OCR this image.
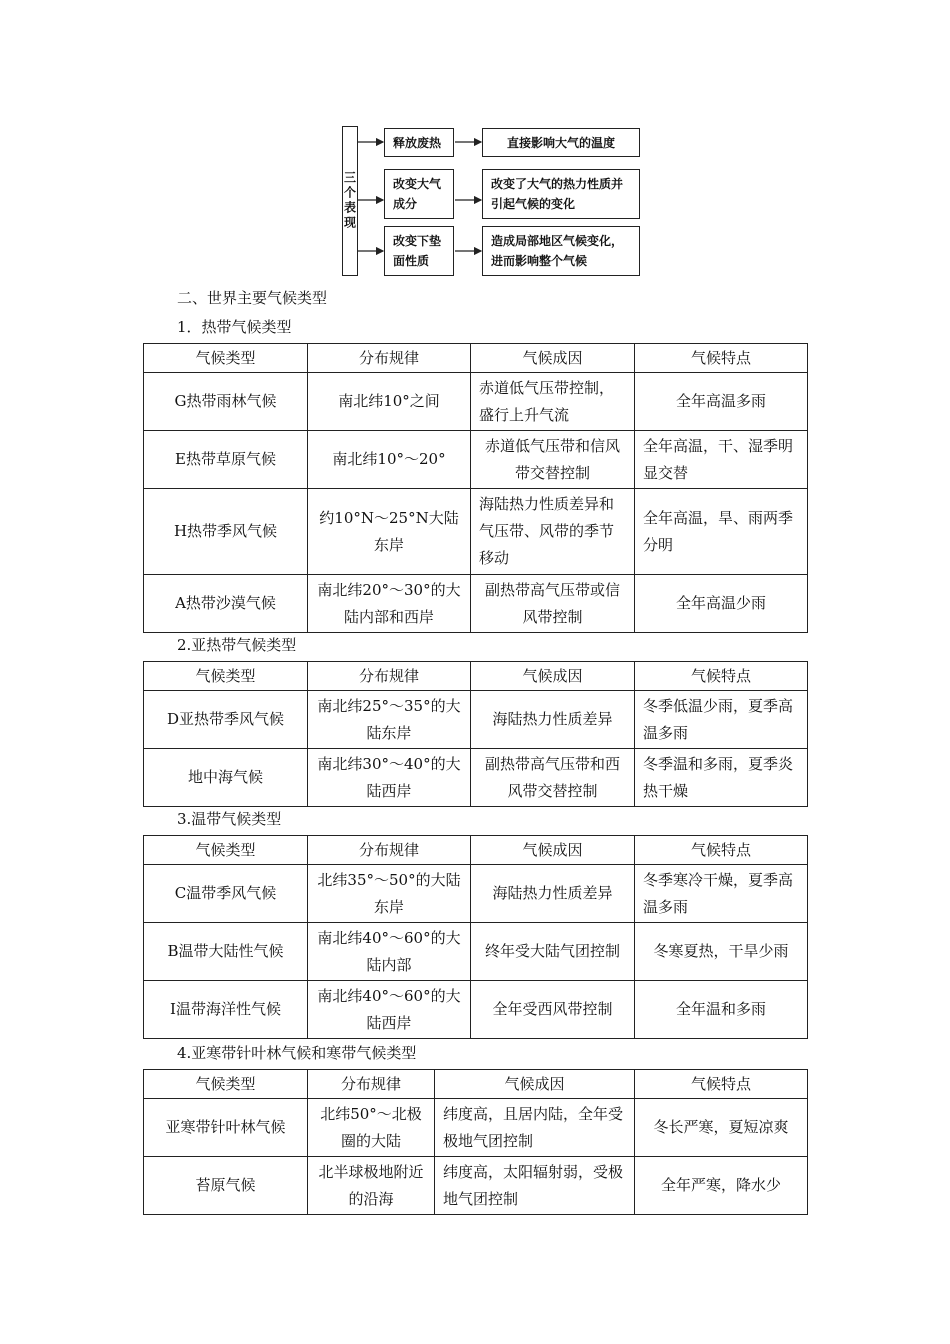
三个表现
释放废热	直接影响大气的温度
改变大气成分
改变了大气的热力性质并引起气候的变化
改变下垫面性质
造成局部地区气候变化，进而影响整个气候
二、世界主要气候类型
1．热带气候类型
气候类型	分布规律	气候成因	气候特点
G热带雨林气候	南北纬10°之间	赤道低气压带控制，盛行上升气流	全年高温多雨
E热带草原气候	南北纬10°～20°	赤道低气压带和信风带交替控制	全年高温，干、湿季明显交替
H热带季风气候	约10°N～25°N大陆东岸	海陆热力性质差异和气压带、风带的季节移动	全年高温，旱、雨两季分明
A热带沙漠气候	南北纬20°～30°的大陆内部和西岸	副热带高气压带或信风带控制	全年高温少雨
2.亚热带气候类型
气候类型	分布规律	气候成因	气候特点
D亚热带季风气候	南北纬25°～35°的大陆东岸	海陆热力性质差异	冬季低温少雨，夏季高温多雨
地中海气候	南北纬30°～40°的大陆西岸	副热带高气压带和西风带交替控制	冬季温和多雨，夏季炎热干燥
3.温带气候类型
气候类型	分布规律	气候成因	气候特点
C温带季风气候	北纬35°～50°的大陆东岸	海陆热力性质差异	冬季寒冷干燥，夏季高温多雨
B温带大陆性气候	南北纬40°～60°的大陆内部	终年受大陆气团控制	冬寒夏热，干旱少雨
I温带海洋性气候	南北纬40°～60°的大陆西岸	全年受西风带控制	全年温和多雨
4.亚寒带针叶林气候和寒带气候类型
气候类型	分布规律	气候成因	气候特点
亚寒带针叶林气候	北纬50°～北极圈的大陆	纬度高，且居内陆，全年受极地气团控制	冬长严寒，夏短凉爽
苔原气候	北半球极地附近的沿海	纬度高，太阳辐射弱，受极地气团控制	全年严寒，降水少
